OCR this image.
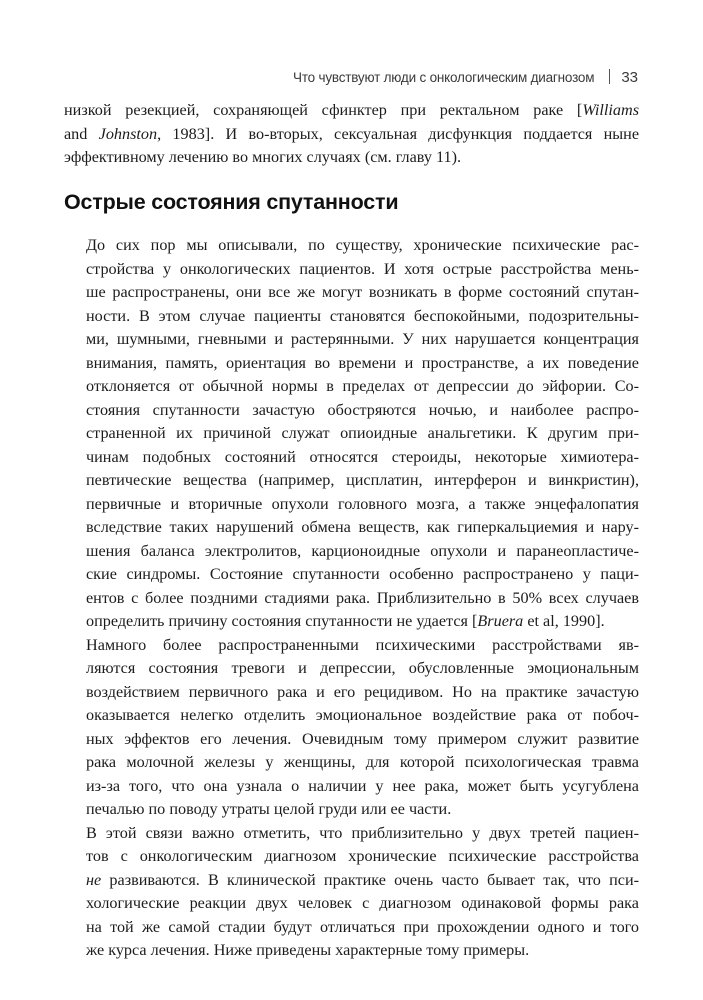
Что чувствуют люди с онкологическим диагнозом 33

низкой резекцией, сохраняющей сфинктер при ректальном раке [Williams
and Johnston, 1983]. И во-вторых, сексуальная дисфункция поддается ныне
эффективному лечению во многих случаях (см. главу 11).

Острые состояния спутанности

До сих пор мы описывали, по существу, хронические психические рас-
стройства у онкологических пациентов. И хотя острые расстройства мень-
ше распространены, они все же могут возникать в форме состояний спутан-
ности. В этом случае пациенты становятся беспокойными, подозрительны-
ми, шумными, гневными и растерянными. У них нарушается концентрация
внимания, память, ориентация во времени и пространстве, а их поведение
отклоняется от обычной нормы в пределах от депрессии до эйфории. Со-
стояния спутанности зачастую обостряются ночью, и наиболее распро-
страненной их причиной служат опиоидные анальгетики. К другим при-
чинам подобных состояний относятся стероиды, некоторые химиотера-
певтические вещества (например, цисплатин, интерферон и винкристин),
первичные и вторичные опухоли головного мозга, а также энцефалопатия
вследствие таких нарушений обмена веществ, как гиперкальциемия и нару-
шения баланса электролитов, карционоидные опухоли и паранеопластиче-
ские синдромы. Состояние спутанности особенно распространено у паци-
ентов с более поздними стадиями рака. Приблизительно в 50% всех случаев
определить причину состояния спутанности не удается [Bruera et al, 1990].

Намного более распространенными психическими расстройствами яв-
ляются состояния тревоги и депрессии, обусловленные эмоциональным
воздействием первичного рака и его рецидивом. Но на практике зачастую
оказывается нелегко отделить эмоциональное воздействие рака от побоч-
ных эффектов его лечения. Очевидным тому примером служит развитие
рака молочной железы у женщины, для которой психологическая травма
из-за того, что она узнала о наличии у нее рака, может быть усугублена
печалью по поводу утраты целой груди или ее части.

В этой связи важно отметить, что приблизительно у двух третей пациен-
тов с онкологическим диагнозом хронические психические расстройства
не развиваются. В клинической практике очень часто бывает так, что пси-
хологические реакции двух человек с диагнозом одинаковой формы рака
на той же самой стадии будут отличаться при прохождении одного и того
же курса лечения. Ниже приведены характерные тому примеры.
